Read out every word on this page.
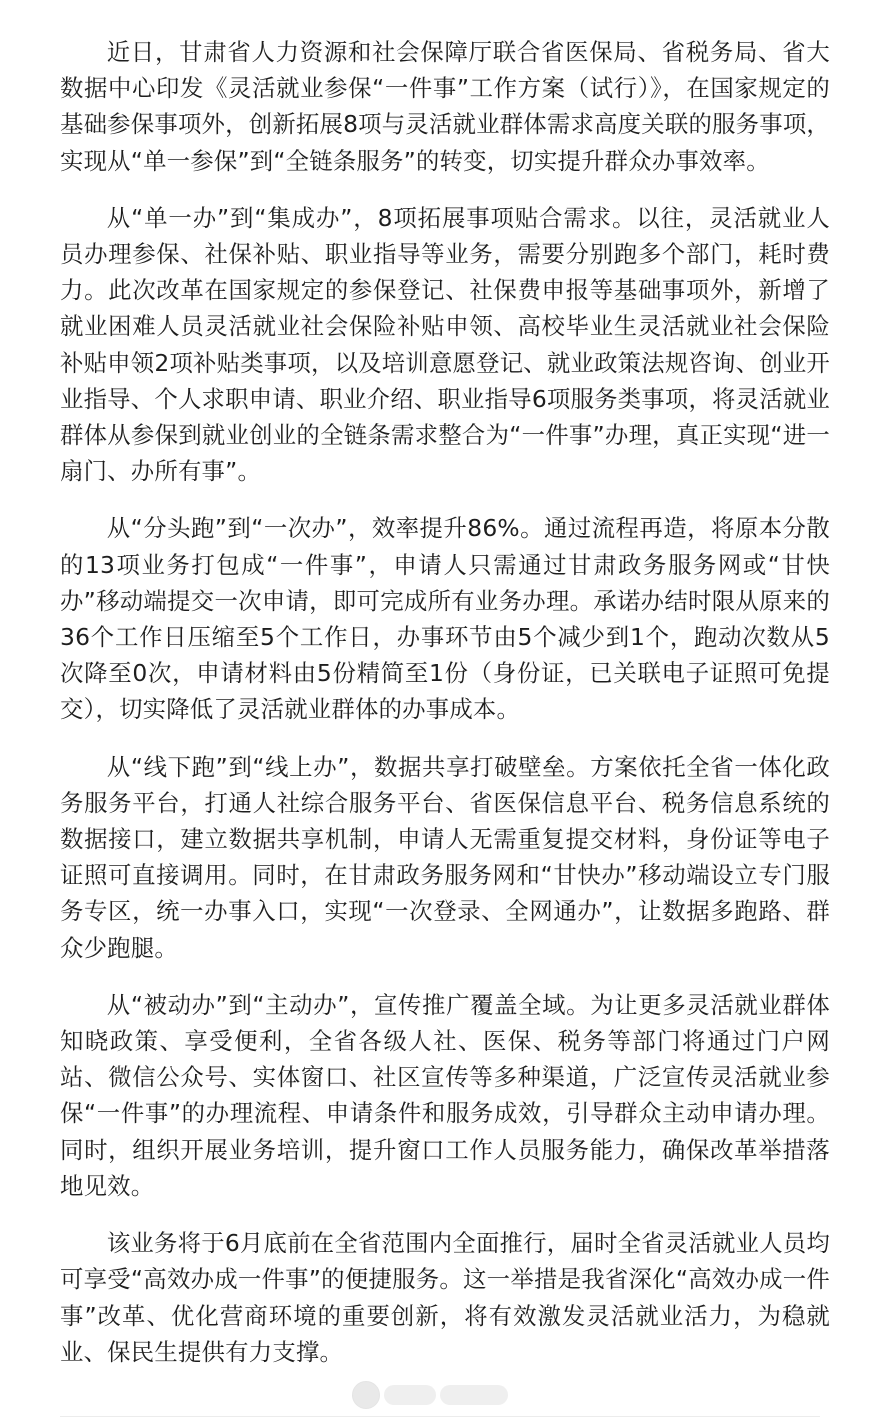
近日，甘肃省人力资源和社会保障厅联合省医保局、省税务局、省大数据中心印发《灵活就业参保“一件事”工作方案（试行）》，在国家规定的基础参保事项外，创新拓展8项与灵活就业群体需求高度关联的服务事项，实现从“单一参保”到“全链条服务”的转变，切实提升群众办事效率。

从“单一办”到“集成办”，8项拓展事项贴合需求。以往，灵活就业人员办理参保、社保补贴、职业指导等业务，需要分别跑多个部门，耗时费力。此次改革在国家规定的参保登记、社保费申报等基础事项外，新增了就业困难人员灵活就业社会保险补贴申领、高校毕业生灵活就业社会保险补贴申领2项补贴类事项，以及培训意愿登记、就业政策法规咨询、创业开业指导、个人求职申请、职业介绍、职业指导6项服务类事项，将灵活就业群体从参保到就业创业的全链条需求整合为“一件事”办理，真正实现“进一扇门、办所有事”。

从“分头跑”到“一次办”，效率提升86%。通过流程再造，将原本分散的13项业务打包成“一件事”，申请人只需通过甘肃政务服务网或“甘快办”移动端提交一次申请，即可完成所有业务办理。承诺办结时限从原来的36个工作日压缩至5个工作日，办事环节由5个减少到1个，跑动次数从5次降至0次，申请材料由5份精简至1份（身份证，已关联电子证照可免提交），切实降低了灵活就业群体的办事成本。

从“线下跑”到“线上办”，数据共享打破壁垒。方案依托全省一体化政务服务平台，打通人社综合服务平台、省医保信息平台、税务信息系统的数据接口，建立数据共享机制，申请人无需重复提交材料，身份证等电子证照可直接调用。同时，在甘肃政务服务网和“甘快办”移动端设立专门服务专区，统一办事入口，实现“一次登录、全网通办”，让数据多跑路、群众少跑腿。

从“被动办”到“主动办”，宣传推广覆盖全域。为让更多灵活就业群体知晓政策、享受便利，全省各级人社、医保、税务等部门将通过门户网站、微信公众号、实体窗口、社区宣传等多种渠道，广泛宣传灵活就业参保“一件事”的办理流程、申请条件和服务成效，引导群众主动申请办理。同时，组织开展业务培训，提升窗口工作人员服务能力，确保改革举措落地见效。

该业务将于6月底前在全省范围内全面推行，届时全省灵活就业人员均可享受“高效办成一件事”的便捷服务。这一举措是我省深化“高效办成一件事”改革、优化营商环境的重要创新，将有效激发灵活就业活力，为稳就业、保民生提供有力支撑。
